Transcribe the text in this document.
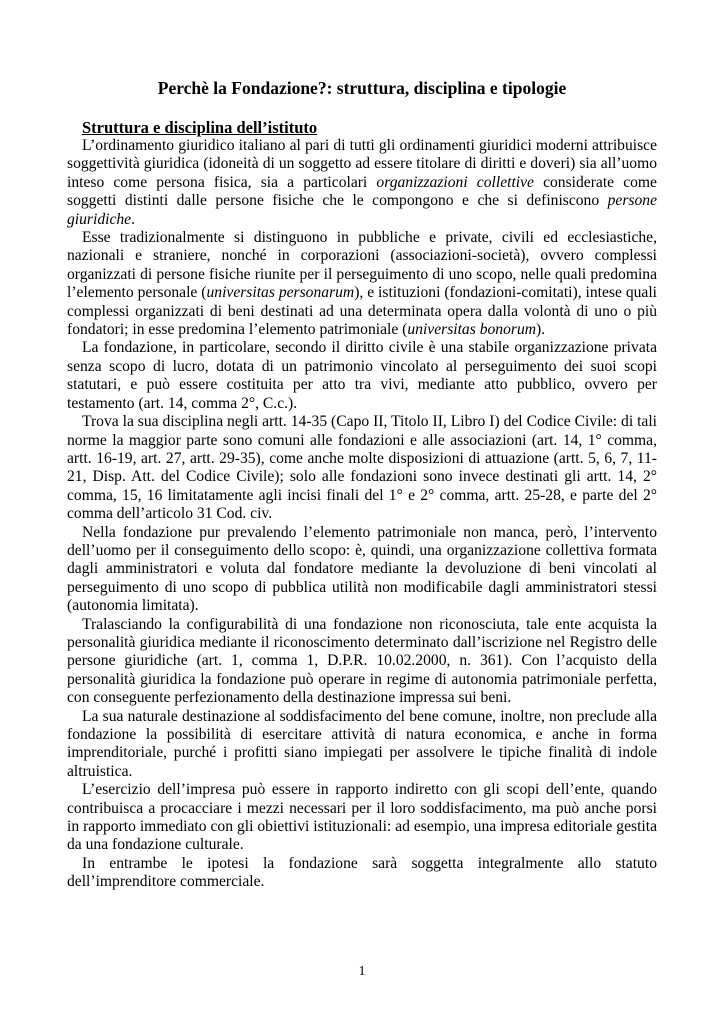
Perchè la Fondazione?: struttura, disciplina e tipologie
Struttura e disciplina dell’istituto

L’ordinamento giuridico italiano al pari di tutti gli ordinamenti giuridici moderni attribuisce soggettività giuridica (idoneità di un soggetto ad essere titolare di diritti e doveri) sia all’uomo inteso come persona fisica, sia a particolari organizzazioni collettive considerate come soggetti distinti dalle persone fisiche che le compongono e che si definiscono persone giuridiche.

Esse tradizionalmente si distinguono in pubbliche e private, civili ed ecclesiastiche, nazionali e straniere, nonché in corporazioni (associazioni-società), ovvero complessi organizzati di persone fisiche riunite per il perseguimento di uno scopo, nelle quali predomina l’elemento personale (universitas personarum), e istituzioni (fondazioni-comitati), intese quali complessi organizzati di beni destinati ad una determinata opera dalla volontà di uno o più fondatori; in esse predomina l’elemento patrimoniale (universitas bonorum).

La fondazione, in particolare, secondo il diritto civile è una stabile organizzazione privata senza scopo di lucro, dotata di un patrimonio vincolato al perseguimento dei suoi scopi statutari, e può essere costituita per atto tra vivi, mediante atto pubblico, ovvero per testamento (art. 14, comma 2°, C.c.).

Trova la sua disciplina negli artt. 14-35 (Capo II, Titolo II, Libro I) del Codice Civile: di tali norme la maggior parte sono comuni alle fondazioni e alle associazioni (art. 14, 1° comma, artt. 16-19, art. 27, artt. 29-35), come anche molte disposizioni di attuazione (artt. 5, 6, 7, 11-21, Disp. Att. del Codice Civile); solo alle fondazioni sono invece destinati gli artt. 14, 2° comma, 15, 16 limitatamente agli incisi finali del 1° e 2° comma, artt. 25-28, e parte del 2° comma dell’articolo 31 Cod. civ.

Nella fondazione pur prevalendo l’elemento patrimoniale non manca, però, l’intervento dell’uomo per il conseguimento dello scopo: è, quindi, una organizzazione collettiva formata dagli amministratori e voluta dal fondatore mediante la devoluzione di beni vincolati al perseguimento di uno scopo di pubblica utilità non modificabile dagli amministratori stessi (autonomia limitata).

Tralasciando la configurabilità di una fondazione non riconosciuta, tale ente acquista la personalità giuridica mediante il riconoscimento determinato dall’iscrizione nel Registro delle persone giuridiche (art. 1, comma 1, D.P.R. 10.02.2000, n. 361). Con l’acquisto della personalità giuridica la fondazione può operare in regime di autonomia patrimoniale perfetta, con conseguente perfezionamento della destinazione impressa sui beni.

La sua naturale destinazione al soddisfacimento del bene comune, inoltre, non preclude alla fondazione la possibilità di esercitare attività di natura economica, e anche in forma imprenditoriale, purché i profitti siano impiegati per assolvere le tipiche finalità di indole altruistica.

L’esercizio dell’impresa può essere in rapporto indiretto con gli scopi dell’ente, quando contribuisca a procacciare i mezzi necessari per il loro soddisfacimento, ma può anche porsi in rapporto immediato con gli obiettivi istituzionali: ad esempio, una impresa editoriale gestita da una fondazione culturale.

In entrambe le ipotesi la fondazione sarà soggetta integralmente allo statuto dell’imprenditore commerciale.

1
